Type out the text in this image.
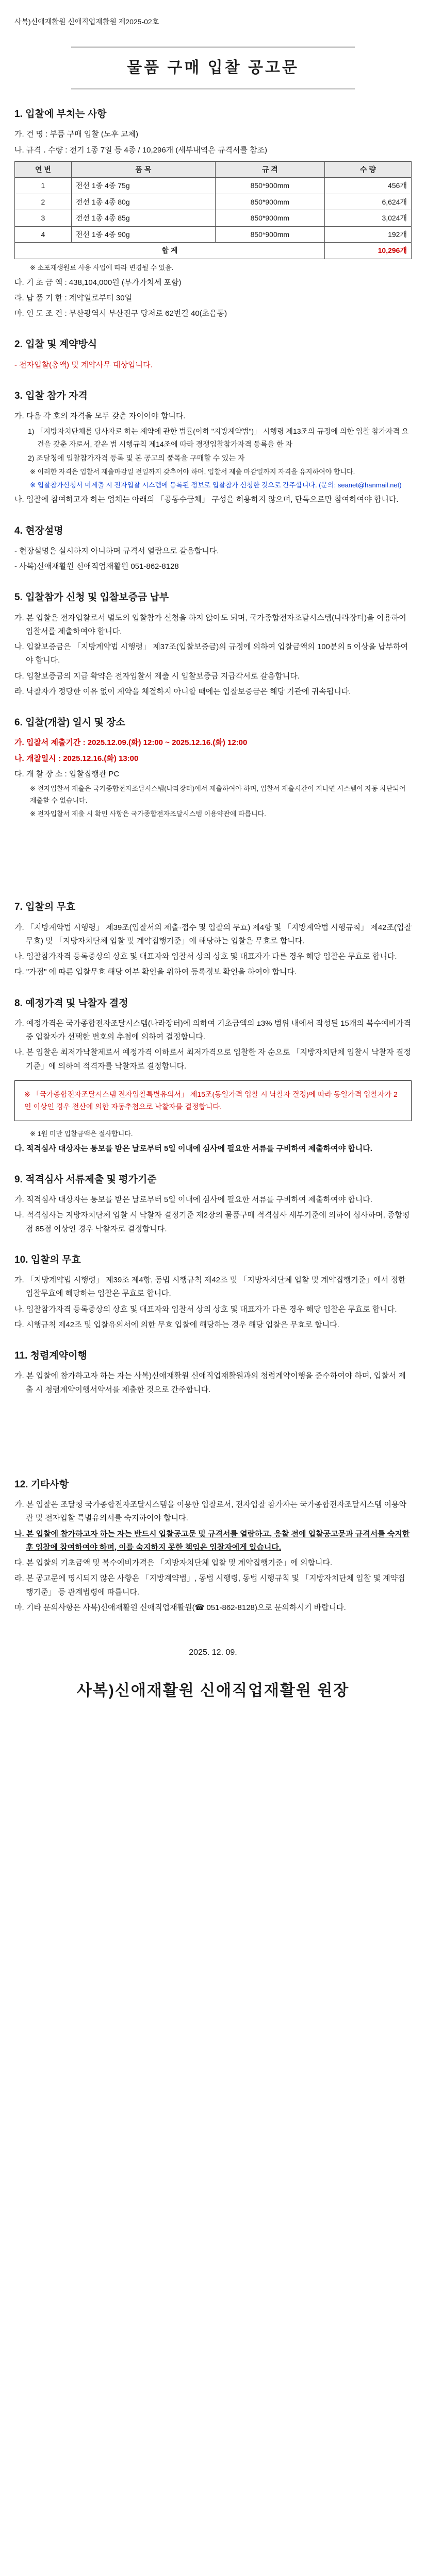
사복)신애재활원 신애직업재활원 제2025-02호
물품 구매 입찰 공고문
1. 입찰에 부치는 사항
가. 건 명 : 부품 구매 입찰 (노후 교체)
나. 규격 ․ 수량 : 전기 1종 7일 등 4종 / 10,296개 (세부내역은 규격서를 참조)
연 번	품 목	규 격	수 량
1	전선 1종 4종 75g	850*900mm	456개
2	전선 1종 4종 80g	850*900mm	6,624개
3	전선 1종 4종 85g	850*900mm	3,024개
4	전선 1종 4종 90g	850*900mm	192개
합 계			10,296개
※ 소포재생원료 사용 사업에 따라 변경될 수 있음.
다. 기 초 금 액 : 438,104,000원 (부가가치세 포함)
라. 납 품 기 한 : 계약일로부터 30일
마. 인 도 조 건 : 부산광역시 부산진구 당저로 62번길 40(초읍동)
2. 입찰 및 계약방식
- 전자입찰(총액) 및 계약사무 대상입니다.
3. 입찰 참가 자격
가. 다음 각 호의 자격을 모두 갖춘 자이어야 합니다.
1) 「지방자치단체를 당사자로 하는 계약에 관한 법률(이하 "지방계약법")」 시행령 제13조의 규정에 의한 입찰 참가자격 요건을 갖춘 자로서, 같은 법 시행규칙 제14조에 따라 경쟁입찰참가자격 등록을 한 자
2) 조달청에 입찰참가자격 등록 및 본 공고의 품목을 구매할 수 있는 자
※ 이러한 자격은 입찰서 제출마감일 전일까지 갖추어야 하며, 입찰서 제출 마감일까지 자격을 유지하여야 합니다.
※ 입찰참가신청서 미제출 시 전자입찰 시스템에 등록된 정보로 입찰참가 신청한 것으로 간주합니다. (문의: seanet@hanmail.net)
나. 입찰에 참여하고자 하는 업체는 아래의 「공동수급체」 구성을 허용하지 않으며, 단독으로만 참여하여야 합니다.
4. 현장설명
- 현장설명은 실시하지 아니하며 규격서 열람으로 갈음합니다.
- 사복)신애재활원 신애직업재활원 051-862-8128
5. 입찰참가 신청 및 입찰보증금 납부
가. 본 입찰은 전자입찰로서 별도의 입찰참가 신청을 하지 않아도 되며, 국가종합전자조달시스템(나라장터)을 이용하여 입찰서를 제출하여야 합니다.
나. 입찰보증금은 「지방계약법 시행령」 제37조(입찰보증금)의 규정에 의하여 입찰금액의 100분의 5 이상을 납부하여야 합니다.
다. 입찰보증금의 지급 확약은 전자입찰서 제출 시 입찰보증금 지급각서로 갈음합니다.
라. 낙찰자가 정당한 이유 없이 계약을 체결하지 아니할 때에는 입찰보증금은 해당 기관에 귀속됩니다.
6. 입찰(개찰) 일시 및 장소
가. 입찰서 제출기간 : 2025.12.09.(화) 12:00 ~ 2025.12.16.(화) 12:00
나. 개찰일시 : 2025.12.16.(화) 13:00
다. 개 찰 장 소 : 입찰집행관 PC
※ 전자입찰서 제출은 국가종합전자조달시스템(나라장터)에서 제출하여야 하며, 입찰서 제출시간이 지나면 시스템이 자동 차단되어 제출할 수 없습니다.
※ 전자입찰서 제출 시 확인 사항은 국가종합전자조달시스템 이용약관에 따릅니다.
7. 입찰의 무효
가. 「지방계약법 시행령」 제39조(입찰서의 제출·접수 및 입찰의 무효) 제4항 및 「지방계약법 시행규칙」 제42조(입찰무효) 및 「지방자치단체 입찰 및 계약집행기준」에 해당하는 입찰은 무효로 합니다.
나. 입찰참가자격 등록증상의 상호 및 대표자와 입찰서 상의 상호 및 대표자가 다른 경우 해당 입찰은 무효로 합니다.
다. "가점" 에 따른 입찰무효 해당 여부 확인을 위하여 등록정보 확인을 하여야 합니다.
8. 예정가격 및 낙찰자 결정
가. 예정가격은 국가종합전자조달시스템(나라장터)에 의하여 기초금액의 ±3% 범위 내에서 작성된 15개의 복수예비가격 중 입찰자가 선택한 번호의 추첨에 의하여 결정합니다.
나. 본 입찰은 최저가낙찰제로서 예정가격 이하로서 최저가격으로 입찰한 자 순으로 「지방자치단체 입찰시 낙찰자 결정기준」에 의하여 적격자를 낙찰자로 결정합니다.
※ 「국가종합전자조달시스템 전자입찰특별유의서」 제15조(동일가격 입찰 시 낙찰자 결정)에 따라 동일가격 입찰자가 2인 이상인 경우 전산에 의한 자동추첨으로 낙찰자를 결정합니다.
※ 1원 미만 입찰금액은 절사합니다.
다. 적격심사 대상자는 통보를 받은 날로부터 5일 이내에 심사에 필요한 서류를 구비하여 제출하여야 합니다.
9. 적격심사 서류제출 및 평가기준
가. 적격심사 대상자는 통보를 받은 날로부터 5일 이내에 심사에 필요한 서류를 구비하여 제출하여야 합니다.
나. 적격심사는 지방자치단체 입찰 시 낙찰자 결정기준 제2장의 물품구매 적격심사 세부기준에 의하여 심사하며, 종합평점 85점 이상인 경우 낙찰자로 결정합니다.
10. 입찰의 무효
가. 「지방계약법 시행령」 제39조 제4항, 동법 시행규칙 제42조 및 「지방자치단체 입찰 및 계약집행기준」에서 정한 입찰무효에 해당하는 입찰은 무효로 합니다.
나. 입찰참가자격 등록증상의 상호 및 대표자와 입찰서 상의 상호 및 대표자가 다른 경우 해당 입찰은 무효로 합니다.
다. 시행규칙 제42조 및 입찰유의서에 의한 무효 입찰에 해당하는 경우 해당 입찰은 무효로 합니다.
11. 청렴계약이행
가. 본 입찰에 참가하고자 하는 자는 사복)신애재활원 신애직업재활원과의 청렴계약이행을 준수하여야 하며, 입찰서 제출 시 청렴계약이행서약서를 제출한 것으로 간주합니다.
12. 기타사항
가. 본 입찰은 조달청 국가종합전자조달시스템을 이용한 입찰로서, 전자입찰 참가자는 국가종합전자조달시스템 이용약관 및 전자입찰 특별유의서를 숙지하여야 합니다.
나. 본 입찰에 참가하고자 하는 자는 반드시 입찰공고문 및 규격서를 열람하고, 응찰 전에 입찰공고문과 규격서를 숙지한 후 입찰에 참여하여야 하며, 이를 숙지하지 못한 책임은 입찰자에게 있습니다.
다. 본 입찰의 기초금액 및 복수예비가격은 「지방자치단체 입찰 및 계약집행기준」에 의합니다.
라. 본 공고문에 명시되지 않은 사항은 「지방계약법」, 동법 시행령, 동법 시행규칙 및 「지방자치단체 입찰 및 계약집행기준」 등 관계법령에 따릅니다.
마. 기타 문의사항은 사복)신애재활원 신애직업재활원(☎ 051-862-8128)으로 문의하시기 바랍니다.
2025. 12. 09.
사복)신애재활원 신애직업재활원 원장
